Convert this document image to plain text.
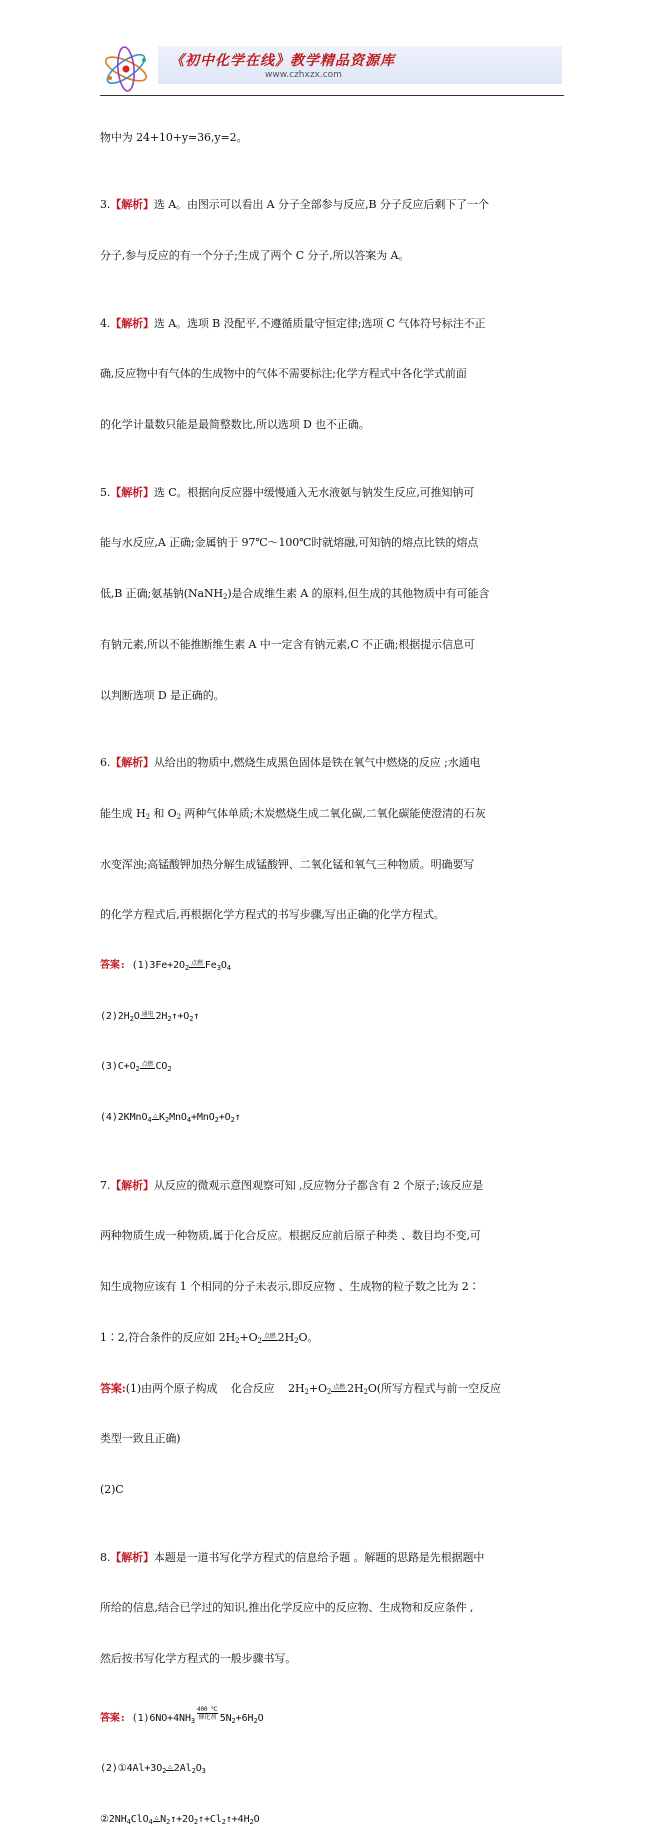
《初中化学在线》教学精品资源库
www.czhxzx.com

物中为 24+10+y=36,y=2。

3.【解析】选 A。由图示可以看出 A 分子全部参与反应,B 分子反应后剩下了一个

分子,参与反应的有一个分子;生成了两个 C 分子,所以答案为 A。

4.【解析】选 A。选项 B 没配平,不遵循质量守恒定律;选项 C 气体符号标注不正

确,反应物中有气体的生成物中的气体不需要标注;化学方程式中各化学式前面

的化学计量数只能是最简整数比,所以选项 D 也不正确。

5.【解析】选 C。根据向反应器中缓慢通入无水液氨与钠发生反应,可推知钠可

能与水反应,A 正确;金属钠于 97℃～100℃时就熔融,可知钠的熔点比铁的熔点

低,B 正确;氨基钠(NaNH$_2$)是合成维生素 A 的原料,但生成的其他物质中有可能含

有钠元素,所以不能推断维生素 A 中一定含有钠元素,C 不正确;根据提示信息可

以判断选项 D 是正确的。

6.【解析】从给出的物质中,燃烧生成黑色固体是铁在氧气中燃烧的反应 ;水通电

能生成 $H_2$ 和 $O_2$ 两种气体单质;木炭燃烧生成二氧化碳,二氧化碳能使澄清的石灰

水变浑浊;高锰酸钾加热分解生成锰酸钾、二氧化锰和氧气三种物质。明确要写

的化学方程式后,再根据化学方程式的书写步骤,写出正确的化学方程式。

答案: $(1)3Fe+2O_2$点燃 $Fe_3O_4$

$(2)2H_2O$ 通电 $2H_2↑+O_2↑$

$(3)C+O_2$点燃 $CO_2$

(4)2KMnO$_4$△ $K_2MnO_4+MnO_2+O_2↑$

7.【解析】从反应的微观示意图观察可知 ,反应物分子都含有 2 个原子;该反应是

两种物质生成一种物质,属于化合反应。根据反应前后原子种类 、数目均不变,可

知生成物应该有 1 个相同的分子未表示,即反应物 、生成物的粒子数之比为 2∶

1∶2,符合条件的反应如 $2H_2+O_2$点燃 $2H_2O$。

答案:(1)由两个原子构成    化合反应    $2H_2+O_2$点燃 $2H_2O$(所写方程式与前一空反应

类型一致且正确)

(2)C

8.【解析】本题是一道书写化学方程式的信息给予题 。解题的思路是先根据题中

所给的信息,结合已学过的知识,推出化学反应中的反应物、生成物和反应条件 ,

然后按书写化学方程式的一般步骤书写。

答案: $(1)6NO+4NH_3$
400 ℃
催化剂 $5N_2+6H_2O$

$(2)①4Al+3O_2\triangle$ $2Al_2O_3$

$②2NH_4ClO_4\triangle$ $N_2↑+2O_2↑+Cl_2↑+4H_2O$
